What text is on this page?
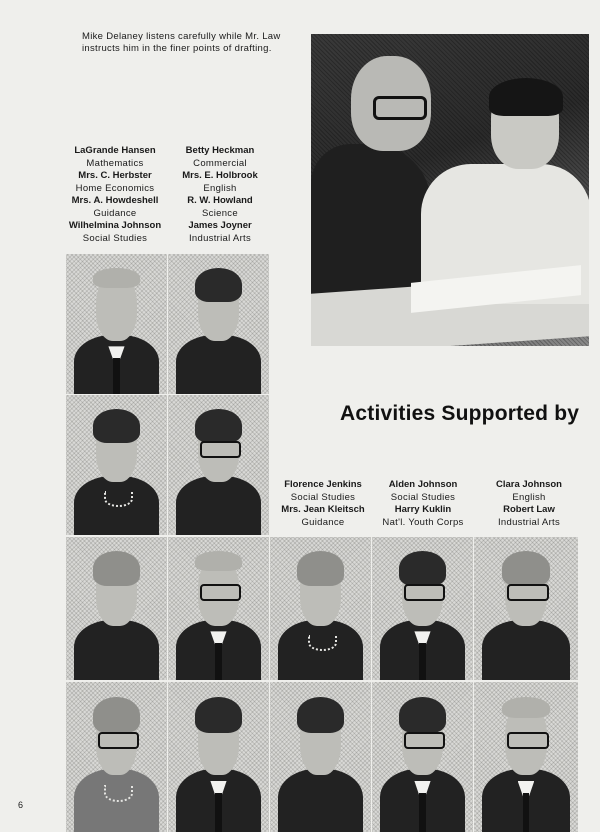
Mike Delaney listens carefully while Mr. Law
instructs him in the finer points of drafting.
LaGrande Hansen
Mathematics
Mrs. C. Herbster
Home Economics
Mrs. A. Howdeshell
Guidance
Wilhelmina Johnson
Social Studies
Betty Heckman
Commercial
Mrs. E. Holbrook
English
R. W. Howland
Science
James Joyner
Industrial Arts
Activities Supported by
Florence Jenkins
Social Studies
Mrs. Jean Kleitsch
Guidance
Alden Johnson
Social Studies
Harry Kuklin
Nat'l. Youth Corps
Clara Johnson
English
Robert Law
Industrial Arts
6
